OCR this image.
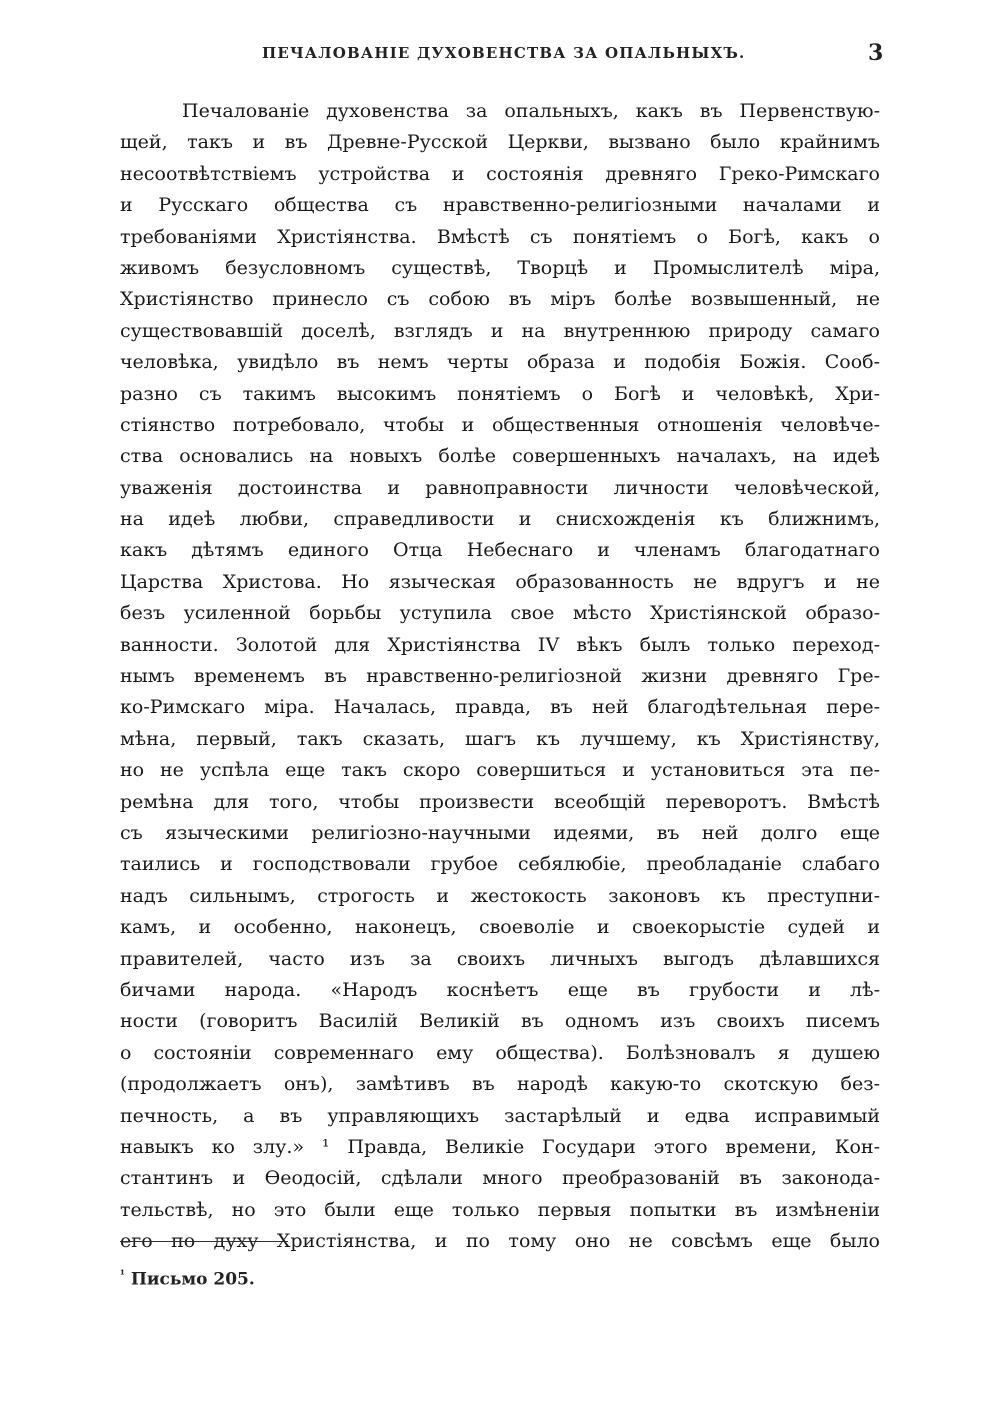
ПЕЧАЛОВАНІЕ ДУХОВЕНСТВА ЗА ОПАЛЬНЫХЪ.	3
Печалованіе духовенства за опальныхъ, какъ въ Первенствую-
щей, такъ и въ Древне-Русской Церкви, вызвано было крайнимъ
несоотвѣтствіемъ устройства и состоянія древняго Греко-Римскаго
и Русскаго общества съ нравственно-религіозными началами и
требованіями Христіянства. Вмѣстѣ съ понятіемъ о Богѣ, какъ о
живомъ безусловномъ существѣ, Творцѣ и Промыслителѣ міра,
Христіянство принесло съ собою въ міръ болѣе возвышенный, не
существовавшій доселѣ, взглядъ и на внутреннюю природу самаго
человѣка, увидѣло въ немъ черты образа и подобія Божія. Сооб-
разно съ такимъ высокимъ понятіемъ о Богѣ и человѣкѣ, Хри-
стіянство потребовало, чтобы и общественныя отношенія человѣче-
ства основались на новыхъ болѣе совершенныхъ началахъ, на идеѣ
уваженія достоинства и равноправности личности человѣческой,
на идеѣ любви, справедливости и снисхожденія къ ближнимъ,
какъ дѣтямъ единого Отца Небеснаго и членамъ благодатнаго
Царства Христова. Но языческая образованность не вдругъ и не
безъ усиленной борьбы уступила свое мѣсто Христіянской образо-
ванности. Золотой для Христіянства IV вѣкъ былъ только переход-
нымъ временемъ въ нравственно-религіозной жизни древняго Гре-
ко-Римскаго міра. Началась, правда, въ ней благодѣтельная пере-
мѣна, первый, такъ сказать, шагъ къ лучшему, къ Христіянству,
но не успѣла еще такъ скоро совершиться и установиться эта пе-
ремѣна для того, чтобы произвести всеобщій переворотъ. Вмѣстѣ
съ языческими религіозно-научными идеями, въ ней долго еще
таились и господствовали грубое себялюбіе, преобладаніе слабаго
надъ сильнымъ, строгость и жестокость законовъ къ преступни-
камъ, и особенно, наконецъ, своеволіе и своекорыстіе судей и
правителей, часто изъ за своихъ личныхъ выгодъ дѣлавшихся
бичами народа. «Народъ коснѣетъ еще въ грубости и лѣ-
ности (говоритъ Василій Великій въ одномъ изъ своихъ писемъ
о состояніи современнаго ему общества). Болѣзновалъ я душею
(продолжаетъ онъ), замѣтивъ въ народѣ какую-то скотскую без-
печность, а въ управляющихъ застарѣлый и едва исправимый
навыкъ ко злу.» ¹ Правда, Великіе Государи этого времени, Кон-
стантинъ и Ѳеодосій, сдѣлали много преобразованій въ законода-
тельствѣ, но это были еще только первыя попытки въ измѣненіи
его по духу Христіянства, и по тому оно не совсѣмъ еще было
$^{^1}$ Письмо 205.
